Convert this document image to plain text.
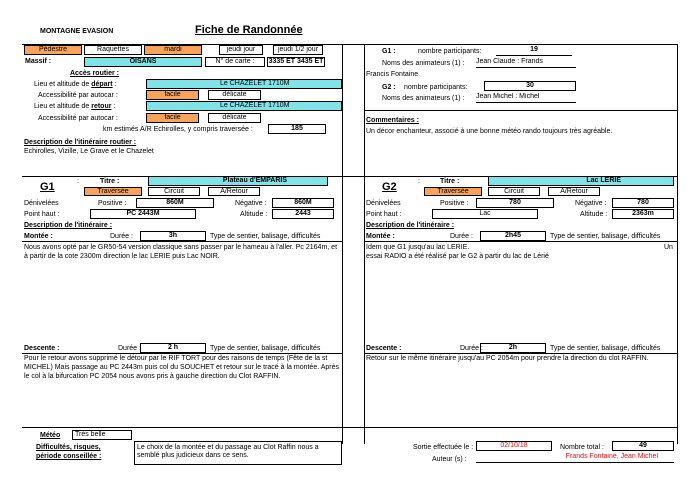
MONTAGNE EVASION	Fiche de Randonnée
Pédestre	Raquettes	mardi	jeudi jour	jeudi 1/2 jour
Massif :	OISANS	N° de carte :	3335 ET 3435 ET
Accès routier :
Lieu et altitude de départ :	Le CHAZELET 1710M
Accessibilité par autocar :	facile	délicate
Lieu et altitude de retour :	Le CHAZELET 1710M
Accessibilité par autocar :	facile	délicate
km estimés A/R Echirolles, y compris traversée :	185
Description de l'itinéraire routier :
Echirolles, Vizille, Le Grave et le Chazelet
G1 :	nombre participants:	19
Noms des animateurs (1) : Jean Claude : Frands
Francis Fontaine
G2 : nombre participants:	30
Noms des animateurs (1) : Jean Michel : Michel
Commentaires :
Un décor enchanteur, associé à une bonne météo rando toujours très agréable.
G1	:	Titre :	Plateau d'EMPARIS
Traversée	Circuit	A/Retour
Dénivelées	Positive :	860M	Négative :	860M
Point haut :	PC 2443M	Altitude :	2443
Description de l'itinéraire :
Montée :	Durée :	3h	Type de sentier, balisage, difficultés
Nous avons opté par le GR50-54 version classique sans passer par le hameau à l'aller. Pc 2164m, et à partir de la cote 2300m direction le lac LERIE puis Lac NOIR.
Descente :	Durée :	2 h	Type de sentier, balisage, difficultés
Pour le retour avons supprimé le détour par le RIF TORT pour des raisons de temps (Fête de la st MICHEL) Mais passage au PC 2443m puis col du SOUCHET et retour sur le tracé à la montée. Après le col à la bifurcation PC 2054 nous avons pris à gauche direction du Clot RAFFIN.
G2	:	Titre :	Lac LERIE
Traversée	Circuit	A/Retour
Dénivelées	Positive :	780	Négative :	780
Point haut :	Lac	Altitude :	2363m
Description de l'itinéraire :
Montée :	Durée :	2h45	Type de sentier, balisage, difficultés
Idem que G1 jusqu'au lac LERIE.	Un
essai RADIO a été réalisé par le G2 à partir du lac de Lérié
Descente :	Durée :	2h	Type de sentier, balisage, difficultés
Retour sur le même itinéraire jusqu'au PC 2054m pour prendre la direction du clot RAFFIN.
Météo	Très belle
Difficultés, risques,
période conseillée :
Le choix de la montée et du passage au Clot Raffin nous a semblé plus judicieux dans ce sens.
Sortie effectuée le :	02/10/18	Nombre total :	49
Auteur (s) :	Frands Fontaine, Jean Michel
